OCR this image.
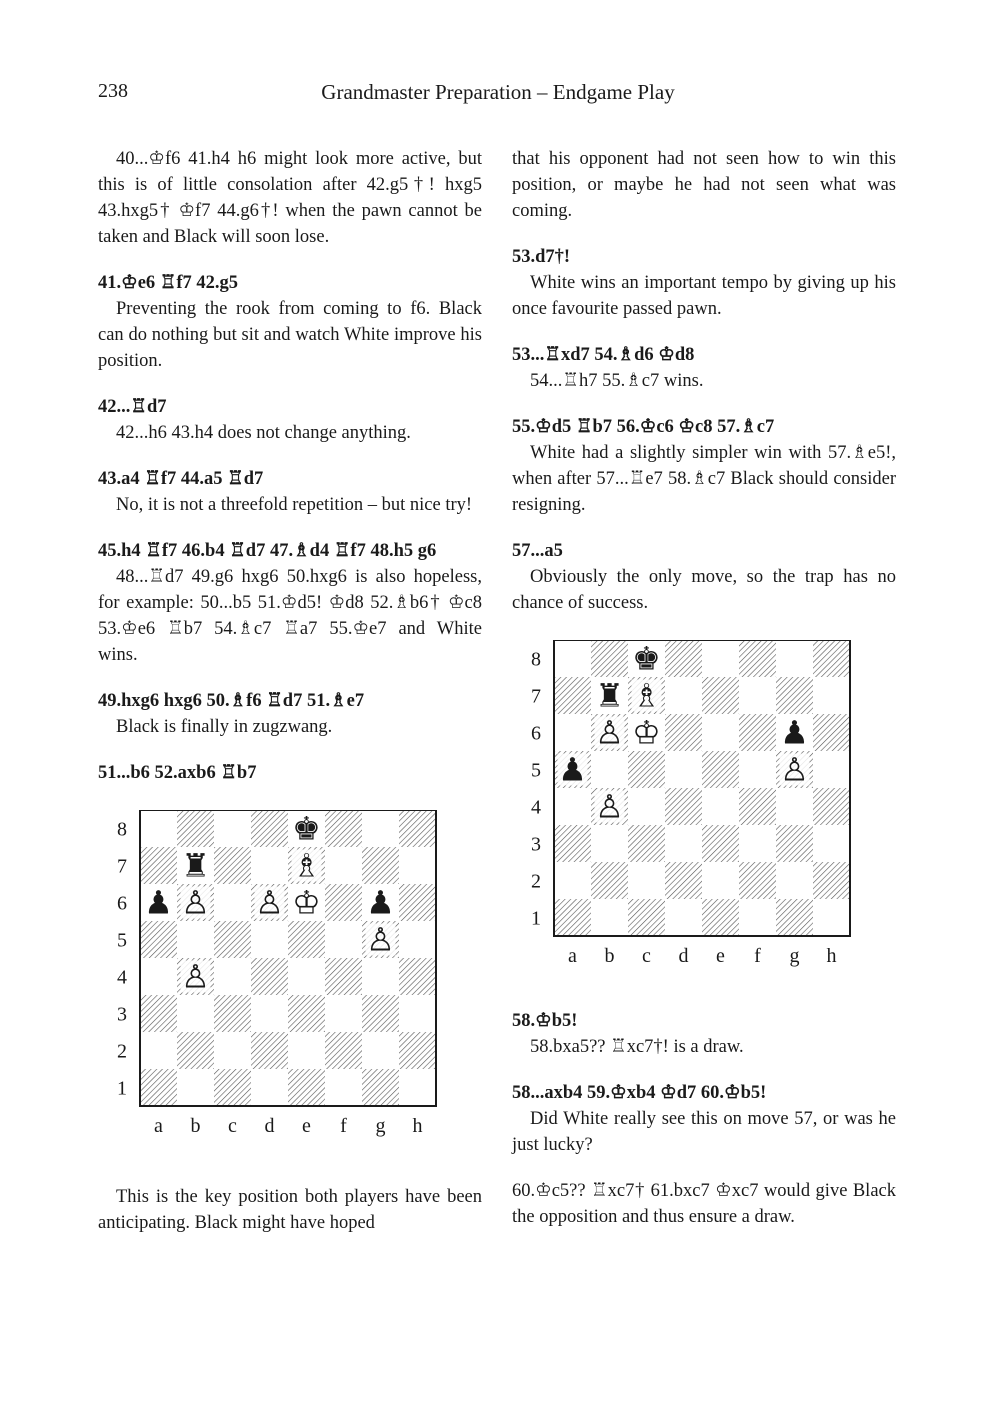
238	Grandmaster Preparation – Endgame Play

40...♔f6 41.h4 h6 might look more active, but this is of little consolation after 42.g5†! hxg5 43.hxg5† ♔f7 44.g6†! when the pawn cannot be taken and Black will soon lose.

41.♔e6 ♖f7 42.g5

Preventing the rook from coming to f6. Black can do nothing but sit and watch White improve his position.

42...♖d7

42...h6 43.h4 does not change anything.

43.a4 ♖f7 44.a5 ♖d7

No, it is not a threefold repetition – but nice try!

45.h4 ♖f7 46.b4 ♖d7 47.♗d4 ♖f7 48.h5 g6

48...♖d7 49.g6 hxg6 50.hxg6 is also hopeless, for example: 50...b5 51.♔d5! ♔d8 52.♗b6† ♔c8 53.♔e6 ♖b7 54.♗c7 ♖a7 55.♔e7 and White wins.

49.hxg6 hxg6 50.♗f6 ♖d7 51.♗e7

Black is finally in zugzwang.

51...b6 52.axb6 ♖b7

8
7
6
5
4
3
2
1
a b c d e f g h
♚
♜	♗
♟ ♙ ♙ ♔ ♟
♙
♙

This is the key position both players have been anticipating. Black might have hoped

that his opponent had not seen how to win this position, or maybe he had not seen what was coming.

53.d7†!

White wins an important tempo by giving up his once favourite passed pawn.

53...♖xd7 54.♗d6 ♔d8

54...♖h7 55.♗c7 wins.

55.♔d5 ♖b7 56.♔c6 ♔c8 57.♗c7

White had a slightly simpler win with 57.♗e5!, when after 57...♖e7 58.♗c7 Black should consider resigning.

57...a5

Obviously the only move, so the trap has no chance of success.

8
7
6
5
4
3
2
1
a b c d e f g h
♚
♜ ♗
♙ ♔	♟
♟	♙
♙

58.♔b5!

58.bxa5?? ♖xc7†! is a draw.

58...axb4 59.♔xb4 ♔d7 60.♔b5!

Did White really see this on move 57, or was he just lucky?

60.♔c5?? ♖xc7† 61.bxc7 ♔xc7 would give Black the opposition and thus ensure a draw.
